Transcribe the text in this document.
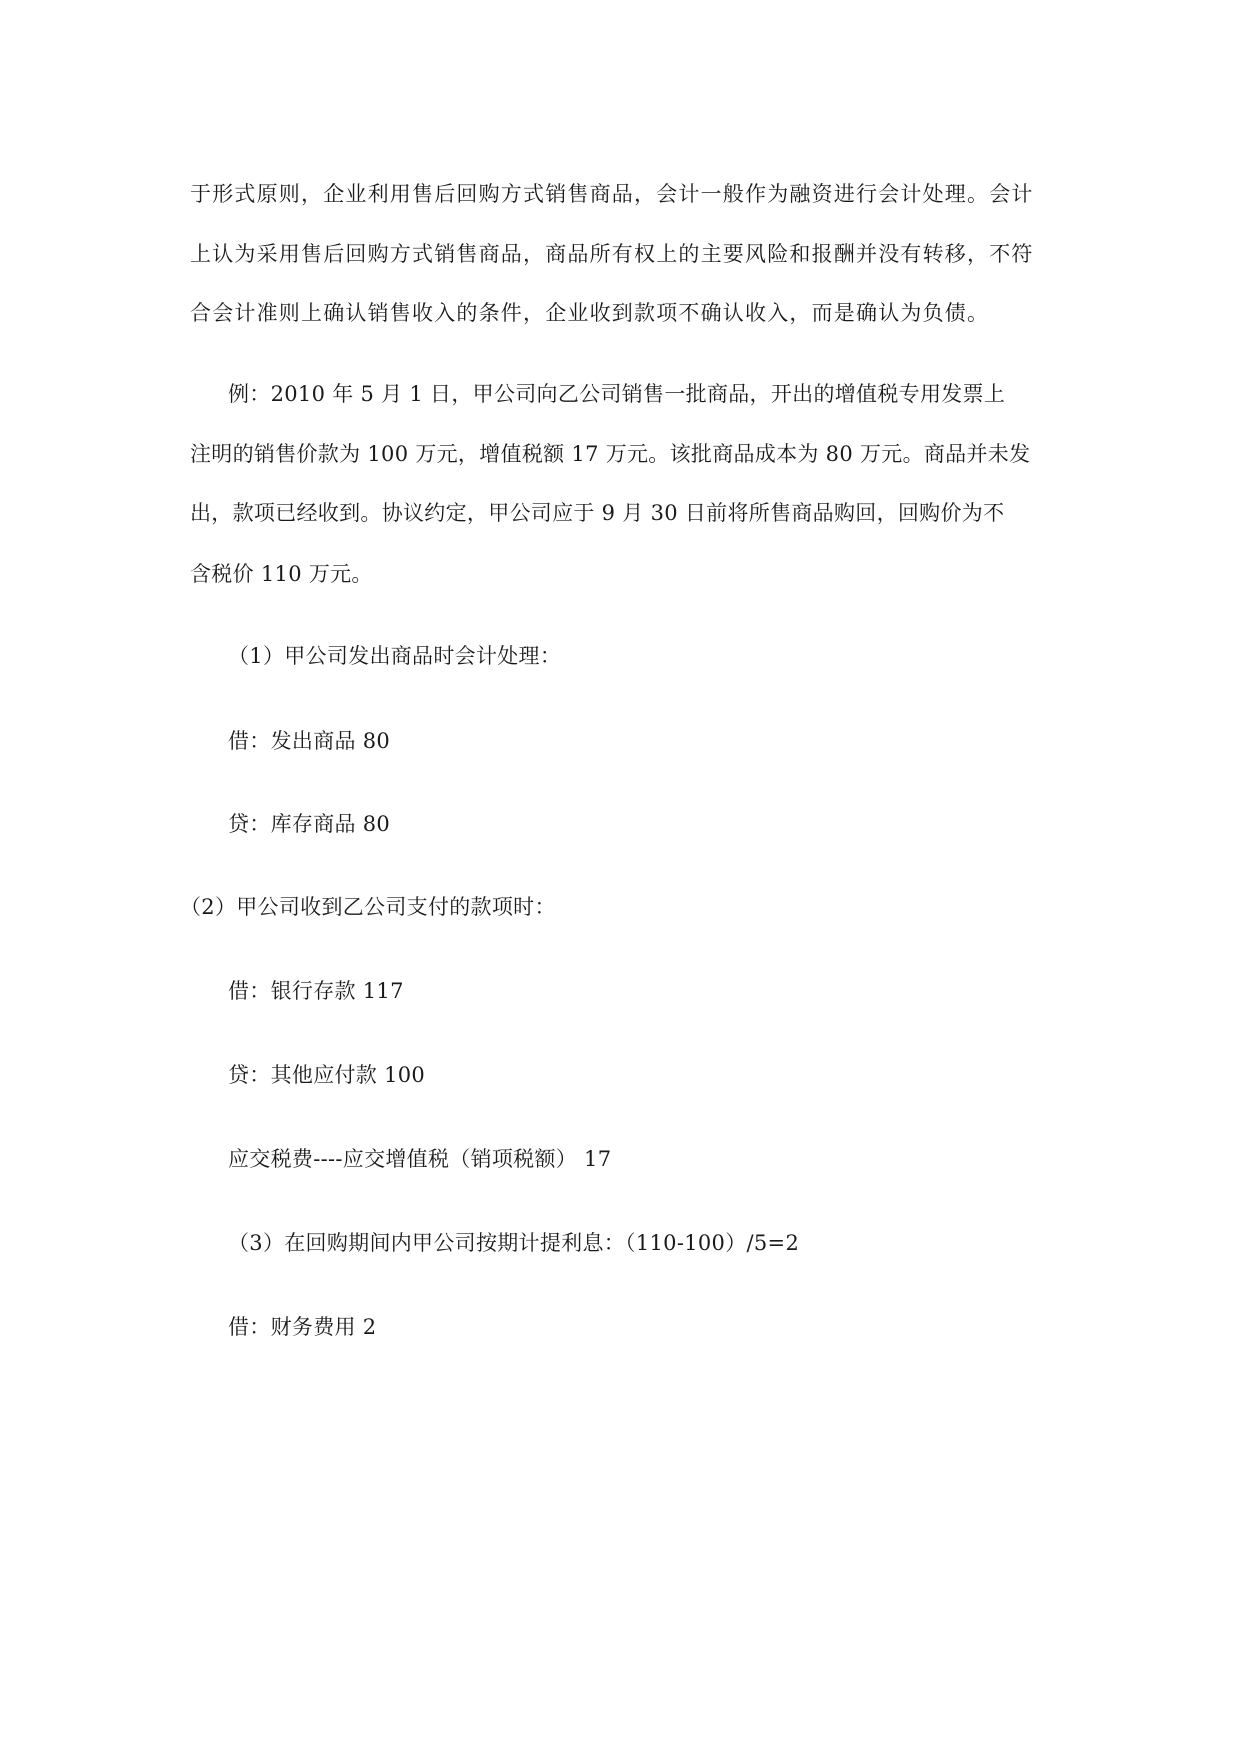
于形式原则，企业利用售后回购方式销售商品，会计一般作为融资进行会计处理。会计
上认为采用售后回购方式销售商品，商品所有权上的主要风险和报酬并没有转移，不符
合会计准则上确认销售收入的条件，企业收到款项不确认收入，而是确认为负债。
例：2010 年 5 月 1 日，甲公司向乙公司销售一批商品，开出的增值税专用发票上
注明的销售价款为 100 万元，增值税额 17 万元。该批商品成本为 80 万元。商品并未发
出，款项已经收到。协议约定，甲公司应于 9 月 30 日前将所售商品购回，回购价为不
含税价 110 万元。
（1）甲公司发出商品时会计处理：
借：发出商品 80
贷：库存商品 80
（2）甲公司收到乙公司支付的款项时：
借：银行存款 117
贷：其他应付款 100
应交税费----应交增值税（销项税额） 17
（3）在回购期间内甲公司按期计提利息：（110-100）/5=2
借：财务费用 2
